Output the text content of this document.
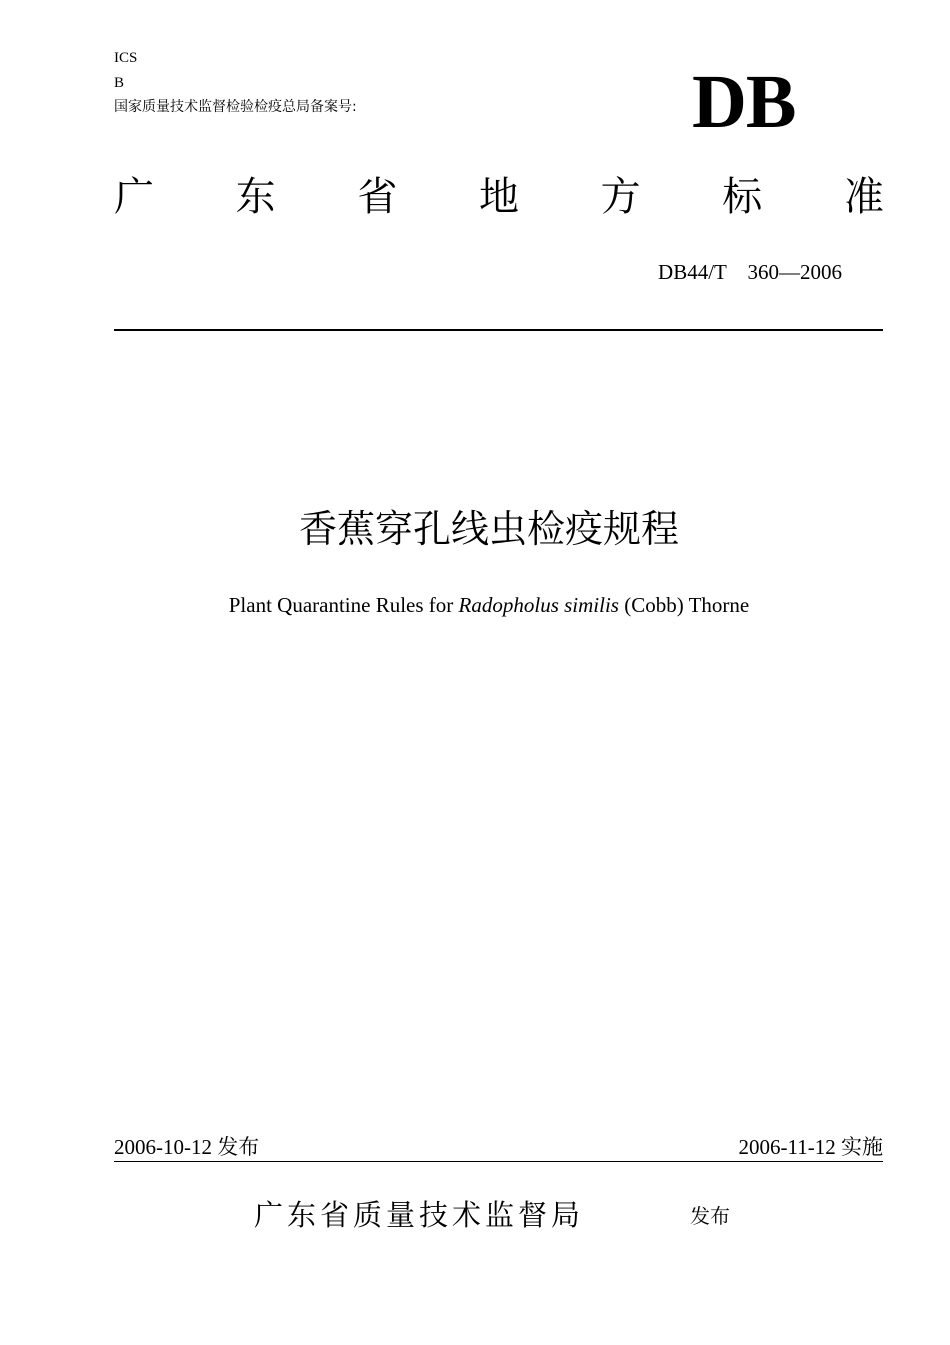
ICS
B
国家质量技术监督检验检疫总局备案号:	DB
广 东 省 地 方 标 准
DB44/T    360—2006
香蕉穿孔线虫检疫规程
Plant Quarantine Rules for Radopholus similis (Cobb) Thorne
2006-10-12 发布	2006-11-12 实施
广东省质量技术监督局	发布
